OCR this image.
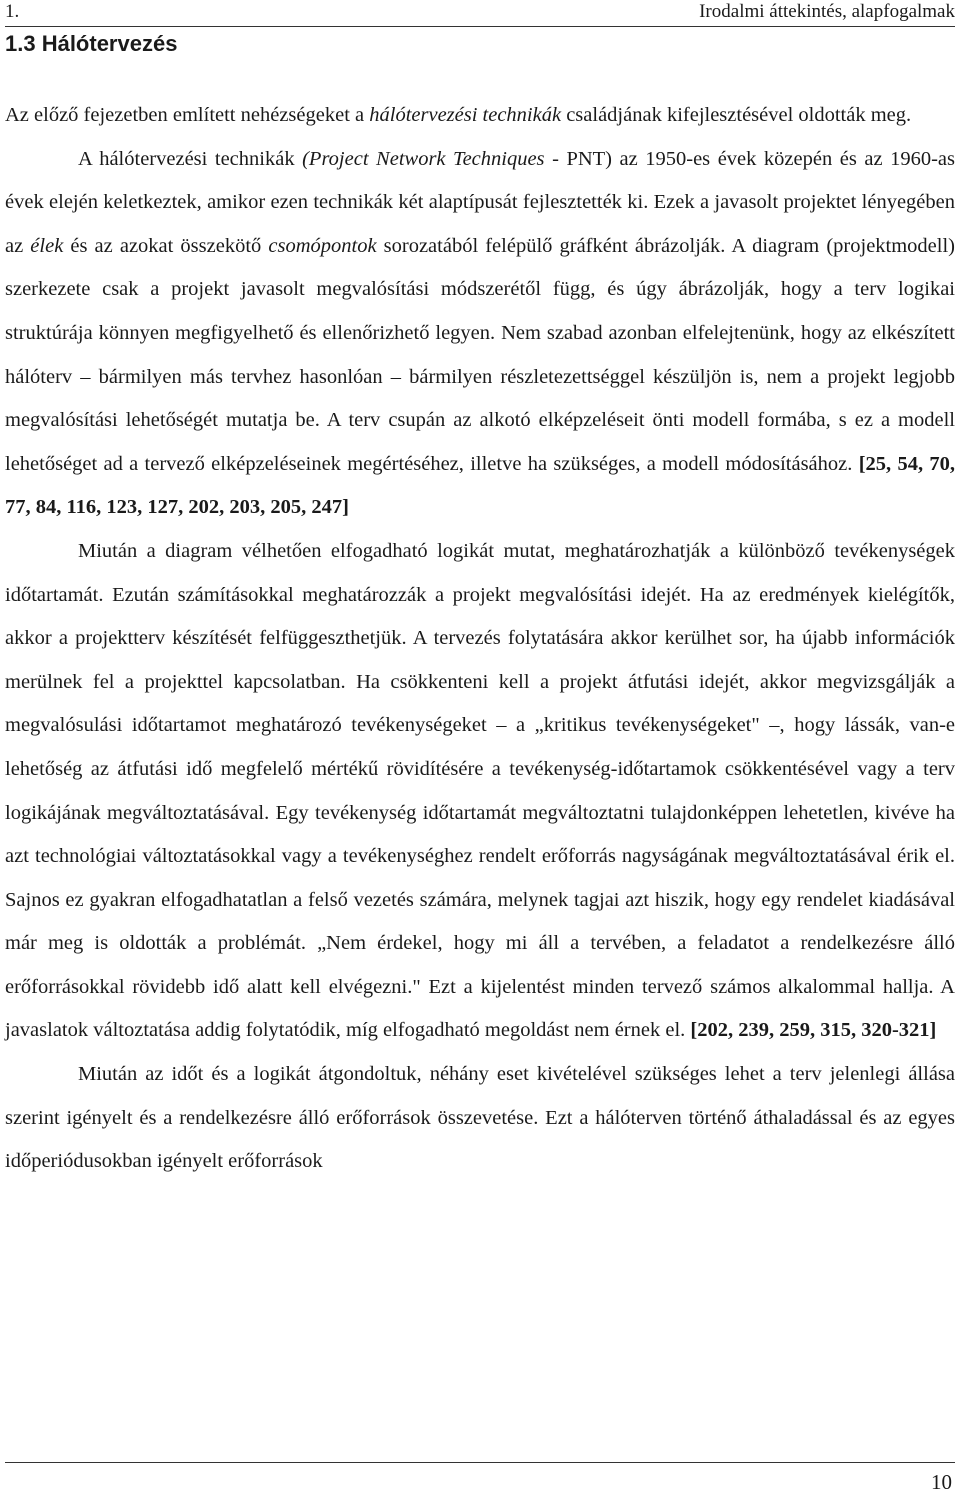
1.	Irodalmi áttekintés, alapfogalmak
1.3 Hálótervezés

Az előző fejezetben említett nehézségeket a hálótervezési technikák családjának kifejlesztésével oldották meg.

A hálótervezési technikák (Project Network Techniques - PNT) az 1950-es évek közepén és az 1960-as évek elején keletkeztek, amikor ezen technikák két alaptípusát fejlesztették ki. Ezek a javasolt projektet lényegében az élek és az azokat összekötő csomópontok sorozatából felépülő gráfként ábrázolják. A diagram (projektmodell) szerkezete csak a projekt javasolt megvalósítási módszerétől függ, és úgy ábrázolják, hogy a terv logikai struktúrája könnyen megfigyelhető és ellenőrizhető legyen. Nem szabad azonban elfelejtenünk, hogy az elkészített hálóterv – bármilyen más tervhez hasonlóan – bármilyen részletezettséggel készüljön is, nem a projekt legjobb megvalósítási lehetőségét mutatja be. A terv csupán az alkotó elképzeléseit önti modell formába, s ez a modell lehetőséget ad a tervező elképzeléseinek megértéséhez, illetve ha szükséges, a modell módosításához. [25, 54, 70, 77, 84, 116, 123, 127, 202, 203, 205, 247]

Miután a diagram vélhetően elfogadható logikát mutat, meghatározhatják a különböző tevékenységek időtartamát. Ezután számításokkal meghatározzák a projekt megvalósítási idejét. Ha az eredmények kielégítők, akkor a projektterv készítését felfüggeszthetjük. A tervezés folytatására akkor kerülhet sor, ha újabb információk merülnek fel a projekttel kapcsolatban. Ha csökkenteni kell a projekt átfutási idejét, akkor megvizsgálják a megvalósulási időtartamot meghatározó tevékenységeket – a „kritikus tevékenységeket" –, hogy lássák, van-e lehetőség az átfutási idő megfelelő mértékű rövidítésére a tevékenység-időtartamok csökkentésével vagy a terv logikájának megváltoztatásával. Egy tevékenység időtartamát megváltoztatni tulajdonképpen lehetetlen, kivéve ha azt technológiai változtatásokkal vagy a tevékenységhez rendelt erőforrás nagyságának megváltoztatásával érik el. Sajnos ez gyakran elfogadhatatlan a felső vezetés számára, melynek tagjai azt hiszik, hogy egy rendelet kiadásával már meg is oldották a problémát. „Nem érdekel, hogy mi áll a tervében, a feladatot a rendelkezésre álló erőforrásokkal rövidebb idő alatt kell elvégezni." Ezt a kijelentést minden tervező számos alkalommal hallja. A javaslatok változtatása addig folytatódik, míg elfogadható megoldást nem érnek el. [202, 239, 259, 315, 320-321]

Miután az időt és a logikát átgondoltuk, néhány eset kivételével szükséges lehet a terv jelenlegi állása szerint igényelt és a rendelkezésre álló erőforrások összevetése. Ezt a hálóterven történő áthaladással és az egyes időperiódusokban igényelt erőforrások

10
